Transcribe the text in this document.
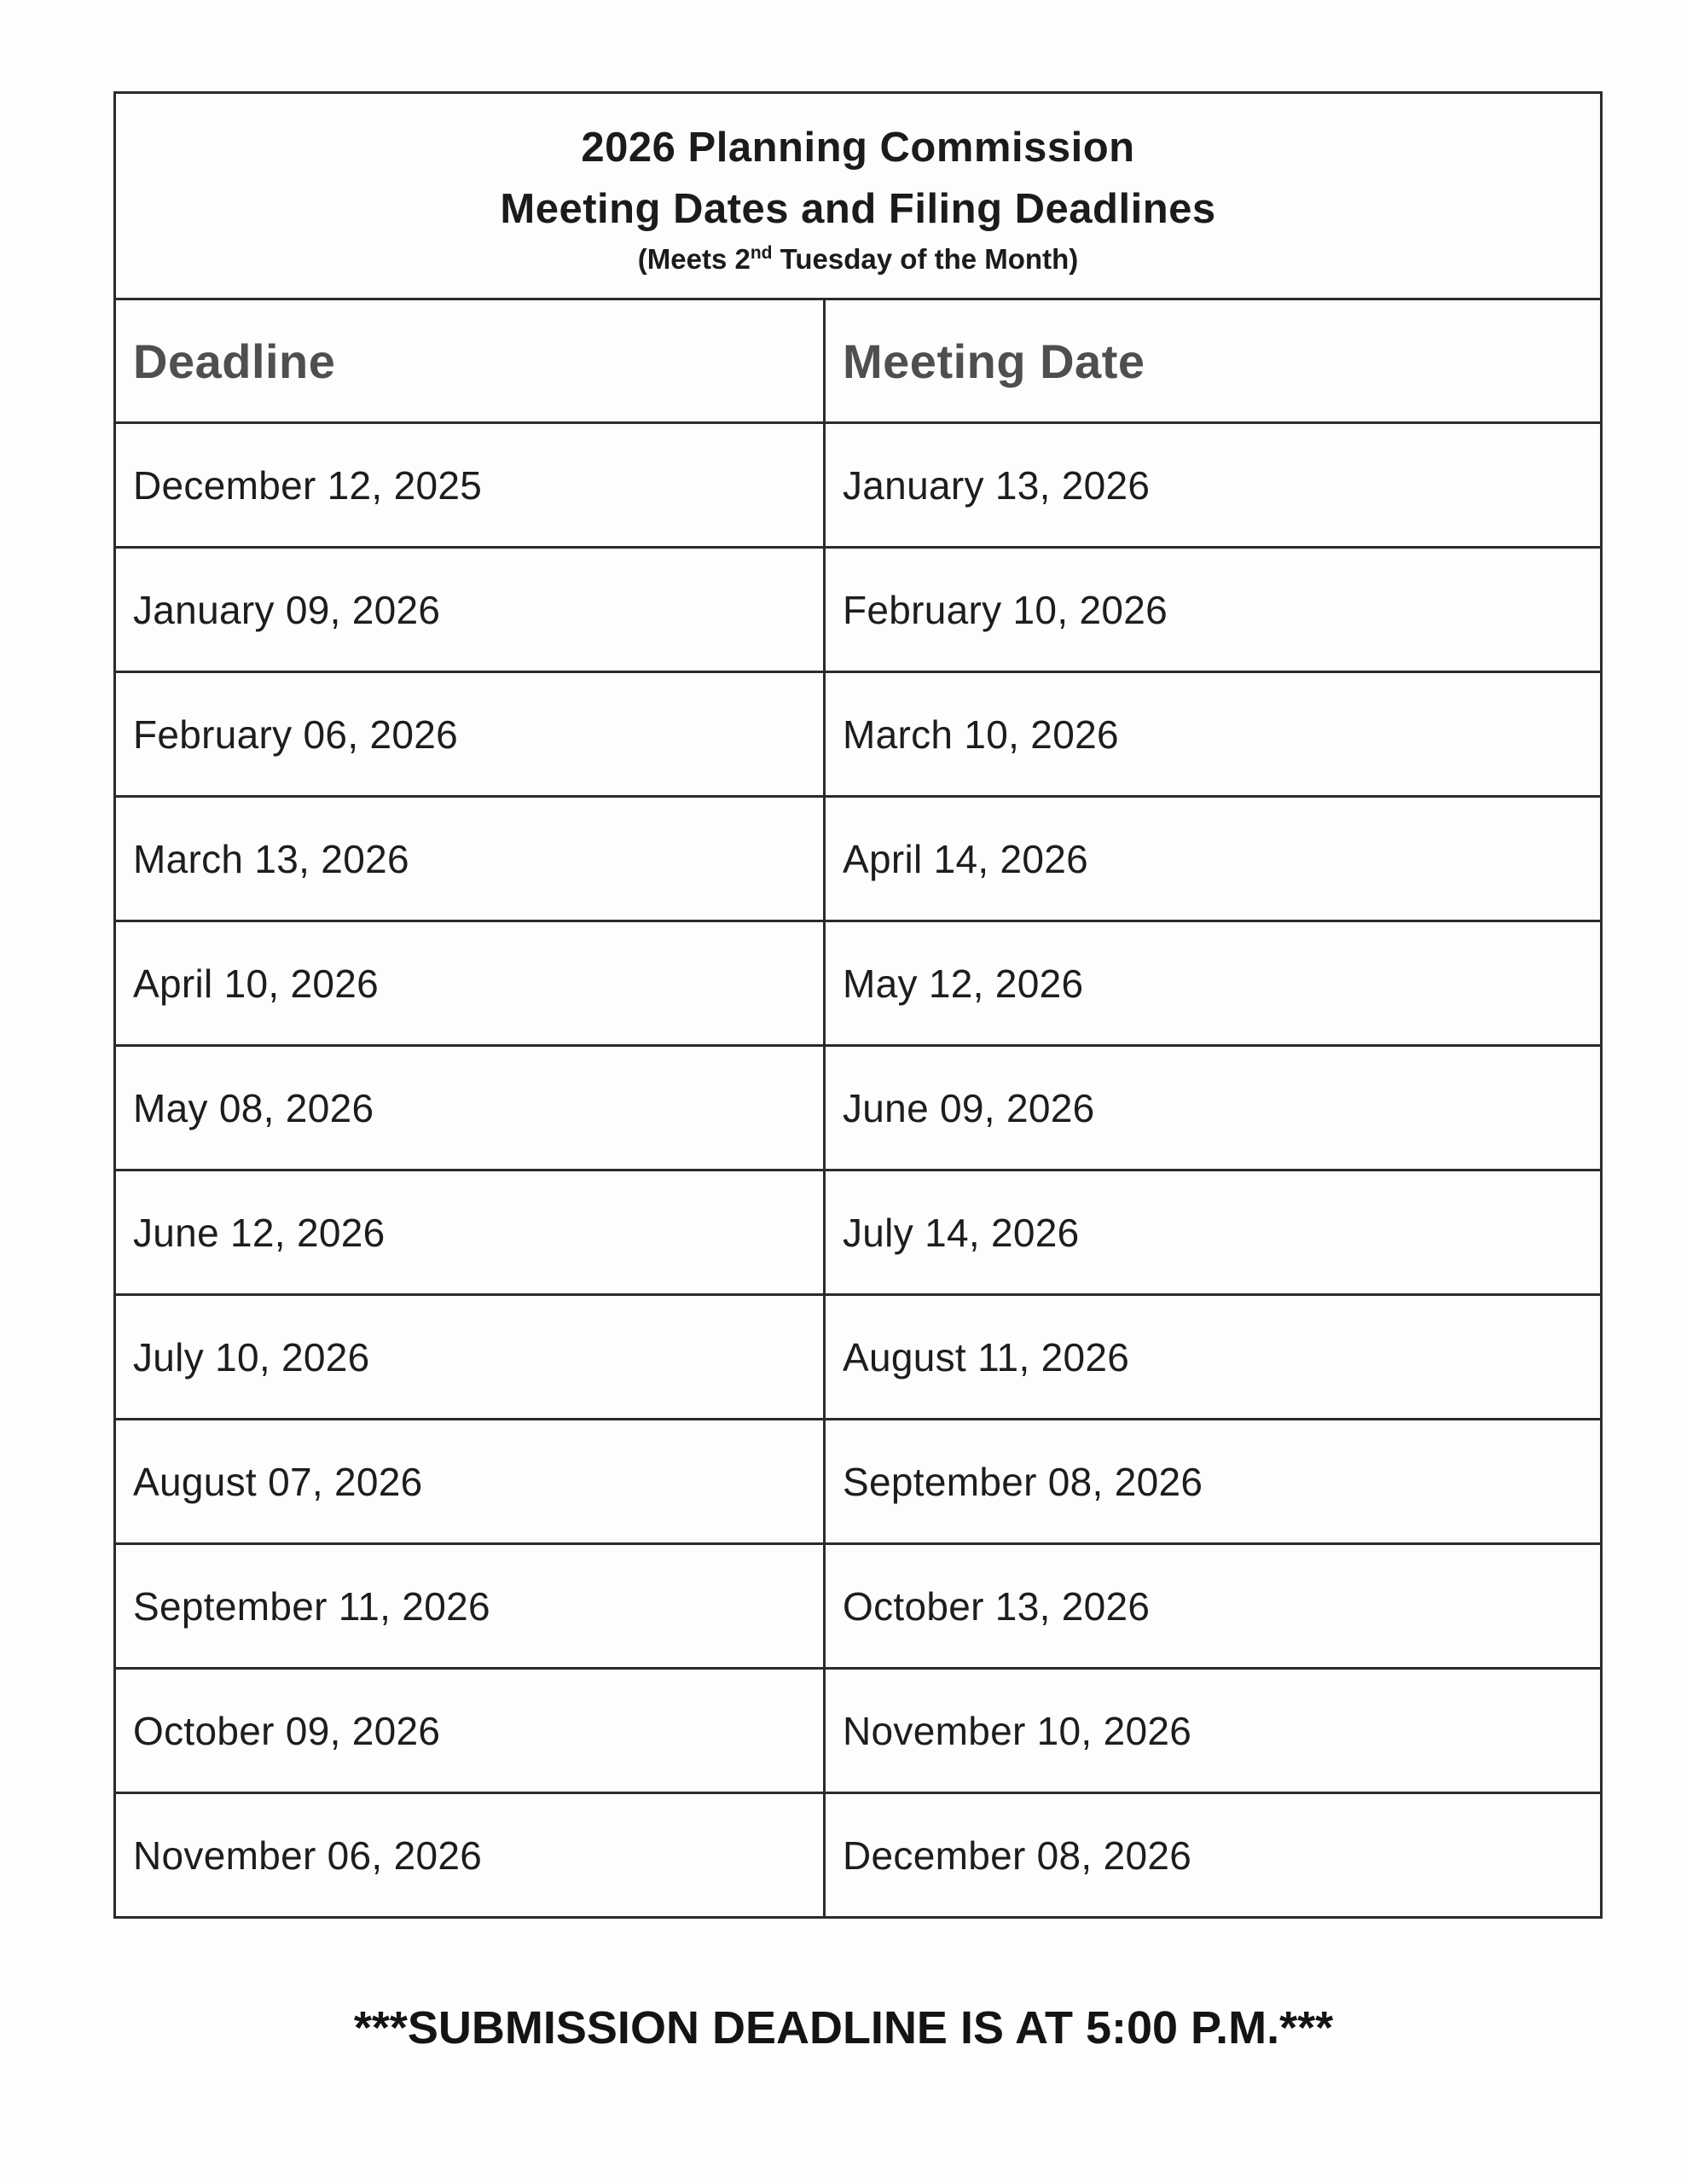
2026 Planning Commission
Meeting Dates and Filing Deadlines
(Meets 2nd Tuesday of the Month)	

Deadline	Meeting Date
December 12, 2025	January 13, 2026
January 09, 2026	February 10, 2026
February 06, 2026	March 10, 2026
March 13, 2026	April 14, 2026
April 10, 2026	May 12, 2026
May 08, 2026	June 09, 2026
June 12, 2026	July 14, 2026
July 10, 2026	August 11, 2026
August 07, 2026	September 08, 2026
September 11, 2026	October 13, 2026
October 09, 2026	November 10, 2026
November 06, 2026	December 08, 2026
***SUBMISSION DEADLINE IS AT 5:00 P.M.***
